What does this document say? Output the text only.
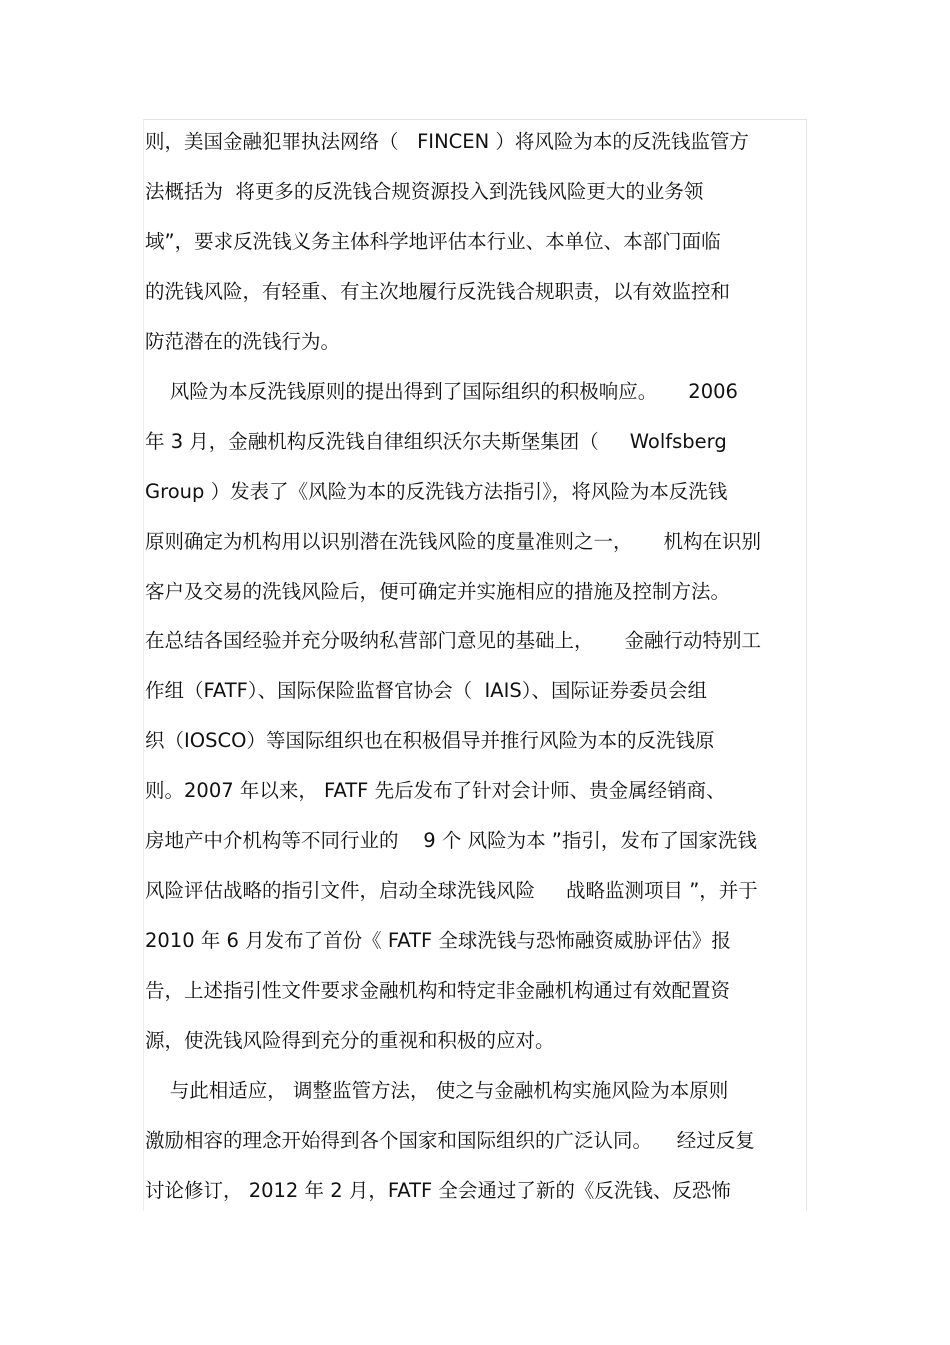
则，美国金融犯罪执法网络（   FINCEN ）将风险为本的反洗钱监管方
法概括为  将更多的反洗钱合规资源投入到洗钱风险更大的业务领
域”，要求反洗钱义务主体科学地评估本行业、本单位、本部门面临
的洗钱风险，有轻重、有主次地履行反洗钱合规职责，以有效监控和
防范潜在的洗钱行为。
风险为本反洗钱原则的提出得到了国际组织的积极响应。     2006
年 3 月，金融机构反洗钱自律组织沃尔夫斯堡集团（     Wolfsberg
Group ）发表了《风险为本的反洗钱方法指引》，将风险为本反洗钱
原则确定为机构用以识别潜在洗钱风险的度量准则之一，     机构在识别
客户及交易的洗钱风险后，便可确定并实施相应的措施及控制方法。
在总结各国经验并充分吸纳私营部门意见的基础上，     金融行动特别工
作组（FATF）、国际保险监督官协会（  IAIS）、国际证券委员会组
织（IOSCO）等国际组织也在积极倡导并推行风险为本的反洗钱原
则。2007 年以来， FATF 先后发布了针对会计师、贵金属经销商、
房地产中介机构等不同行业的    9 个 风险为本 ”指引，发布了国家洗钱
风险评估战略的指引文件，启动全球洗钱风险     战略监测项目 ”，并于
2010 年 6 月发布了首份《 FATF 全球洗钱与恐怖融资威胁评估》报
告，上述指引性文件要求金融机构和特定非金融机构通过有效配置资
源，使洗钱风险得到充分的重视和积极的应对。
与此相适应， 调整监管方法， 使之与金融机构实施风险为本原则
激励相容的理念开始得到各个国家和国际组织的广泛认同。    经过反复
讨论修订， 2012 年 2 月，FATF 全会通过了新的《反洗钱、反恐怖
